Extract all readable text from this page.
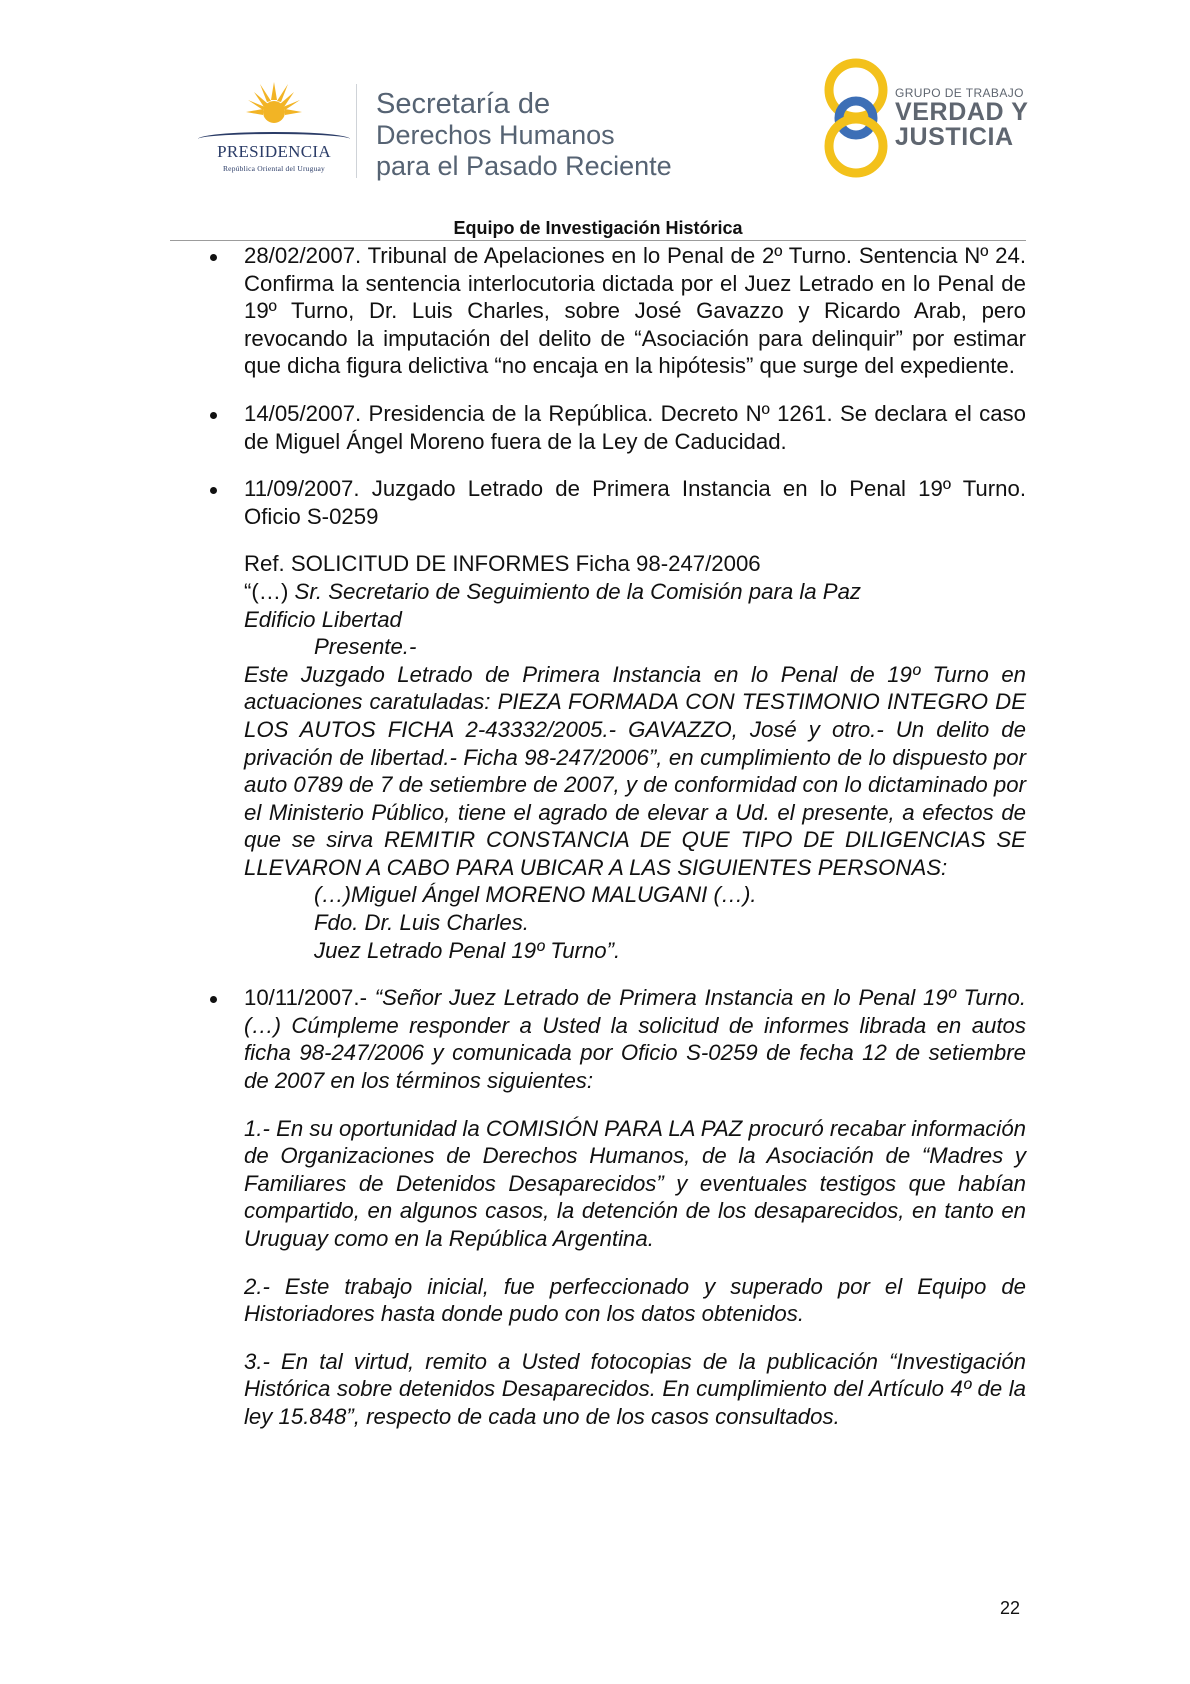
PRESIDENCIA
República Oriental del Uruguay
Secretaría de
Derechos Humanos
para el Pasado Reciente
GRUPO DE TRABAJO
VERDAD Y
JUSTICIA
Equipo de Investigación Histórica

28/02/2007. Tribunal de Apelaciones en lo Penal de 2º Turno. Sentencia Nº 24. Confirma la sentencia interlocutoria dictada por el Juez Letrado en lo Penal de 19º Turno, Dr. Luis Charles, sobre José Gavazzo y Ricardo Arab, pero revocando la imputación del delito de “Asociación para delinquir” por estimar que dicha figura delictiva “no encaja en la hipótesis” que surge del expediente.

14/05/2007. Presidencia de la República. Decreto Nº 1261. Se declara el caso de Miguel Ángel Moreno fuera de la Ley de Caducidad.

11/09/2007. Juzgado Letrado de Primera Instancia en lo Penal 19º Turno. Oficio S-0259

Ref. SOLICITUD DE INFORMES Ficha 98-247/2006

“(…) Sr. Secretario de Seguimiento de la Comisión para la Paz

Edificio Libertad

Presente.-

Este Juzgado Letrado de Primera Instancia en lo Penal de 19º Turno en actuaciones caratuladas: PIEZA FORMADA CON TESTIMONIO INTEGRO DE LOS AUTOS FICHA 2-43332/2005.- GAVAZZO, José y otro.- Un delito de privación de libertad.- Ficha 98-247/2006”, en cumplimiento de lo dispuesto por auto 0789 de 7 de setiembre de 2007, y de conformidad con lo dictaminado por el Ministerio Público, tiene el agrado de elevar a Ud. el presente, a efectos de que se sirva REMITIR CONSTANCIA DE QUE TIPO DE DILIGENCIAS SE LLEVARON A CABO PARA UBICAR A LAS SIGUIENTES PERSONAS:

(…)Miguel Ángel MORENO MALUGANI (…).

Fdo. Dr. Luis Charles.

Juez Letrado Penal 19º Turno”.

10/11/2007.- “Señor Juez Letrado de Primera Instancia en lo Penal 19º Turno. (…) Cúmpleme responder a Usted la solicitud de informes librada en autos ficha 98-247/2006 y comunicada por Oficio S-0259 de fecha 12 de setiembre de 2007 en los términos siguientes:

1.- En su oportunidad la COMISIÓN PARA LA PAZ procuró recabar información de Organizaciones de Derechos Humanos, de la Asociación de “Madres y Familiares de Detenidos Desaparecidos” y eventuales testigos que habían compartido, en algunos casos, la detención de los desaparecidos, en tanto en Uruguay como en la República Argentina.

2.- Este trabajo inicial, fue perfeccionado y superado por el Equipo de Historiadores hasta donde pudo con los datos obtenidos.

3.- En tal virtud, remito a Usted fotocopias de la publicación “Investigación Histórica sobre detenidos Desaparecidos. En cumplimiento del Artículo 4º de la ley 15.848”, respecto de cada uno de los casos consultados.

22
